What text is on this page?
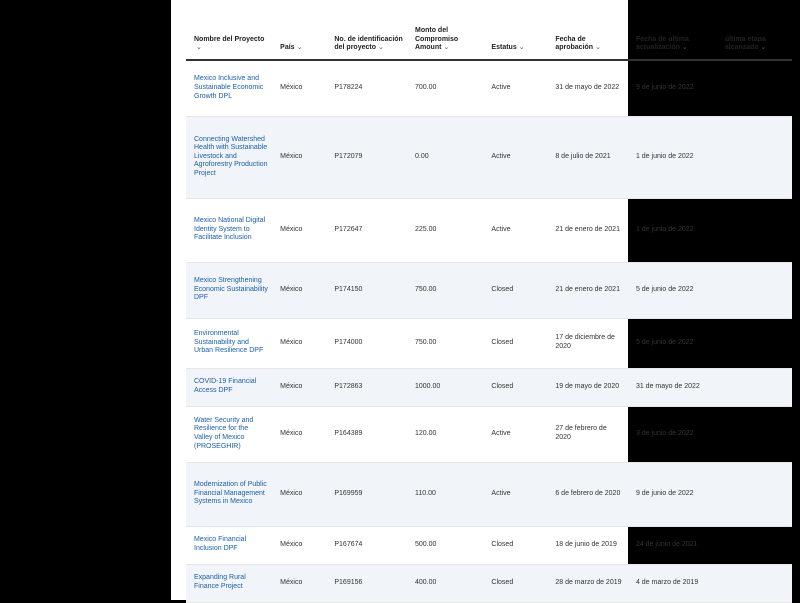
Nombre del Proyecto⌄	País ⌄	No. de identificación del proyecto ⌄	Monto del Compromiso Amount ⌄	Estatus ⌄	Fecha de aprobación ⌄	Fecha de última actualización ⌄	última etapa alcanzada ⌄
Mexico Inclusive and Sustainable Economic Growth DPL	México	P178224	700.00	Active	31 de mayo de 2022	9 de junio de 2022	
Connecting Watershed Health with Sustainable Livestock and Agroforestry Production Project	México	P172079	0.00	Active	8 de julio de 2021	1 de junio de 2022	
Mexico National Digital Identity System to Facilitate Inclusion	México	P172647	225.00	Active	21 de enero de 2021	1 de junio de 2022	
Mexico Strengthening Economic Sustainability DPF	México	P174150	750.00	Closed	21 de enero de 2021	5 de junio de 2022	
Environmental Sustainability and Urban Resilience DPF	México	P174000	750.00	Closed	17 de diciembre de 2020	5 de junio de 2022	
COVID-19 Financial Access DPF	México	P172863	1000.00	Closed	19 de mayo de 2020	31 de mayo de 2022	
Water Security and Resilience for the Valley of Mexico (PROSEGHIR)	México	P164389	120.00	Active	27 de febrero de 2020	3 de junio de 2022	
Modernization of Public Financial Management Systems in Mexico	México	P169959	110.00	Active	6 de febrero de 2020	9 de junio de 2022	
Mexico Financial Inclusion DPF	México	P167674	500.00	Closed	18 de junio de 2019	24 de junio de 2021	
Expanding Rural Finance Project	México	P169156	400.00	Closed	28 de marzo de 2019	4 de marzo de 2019	
